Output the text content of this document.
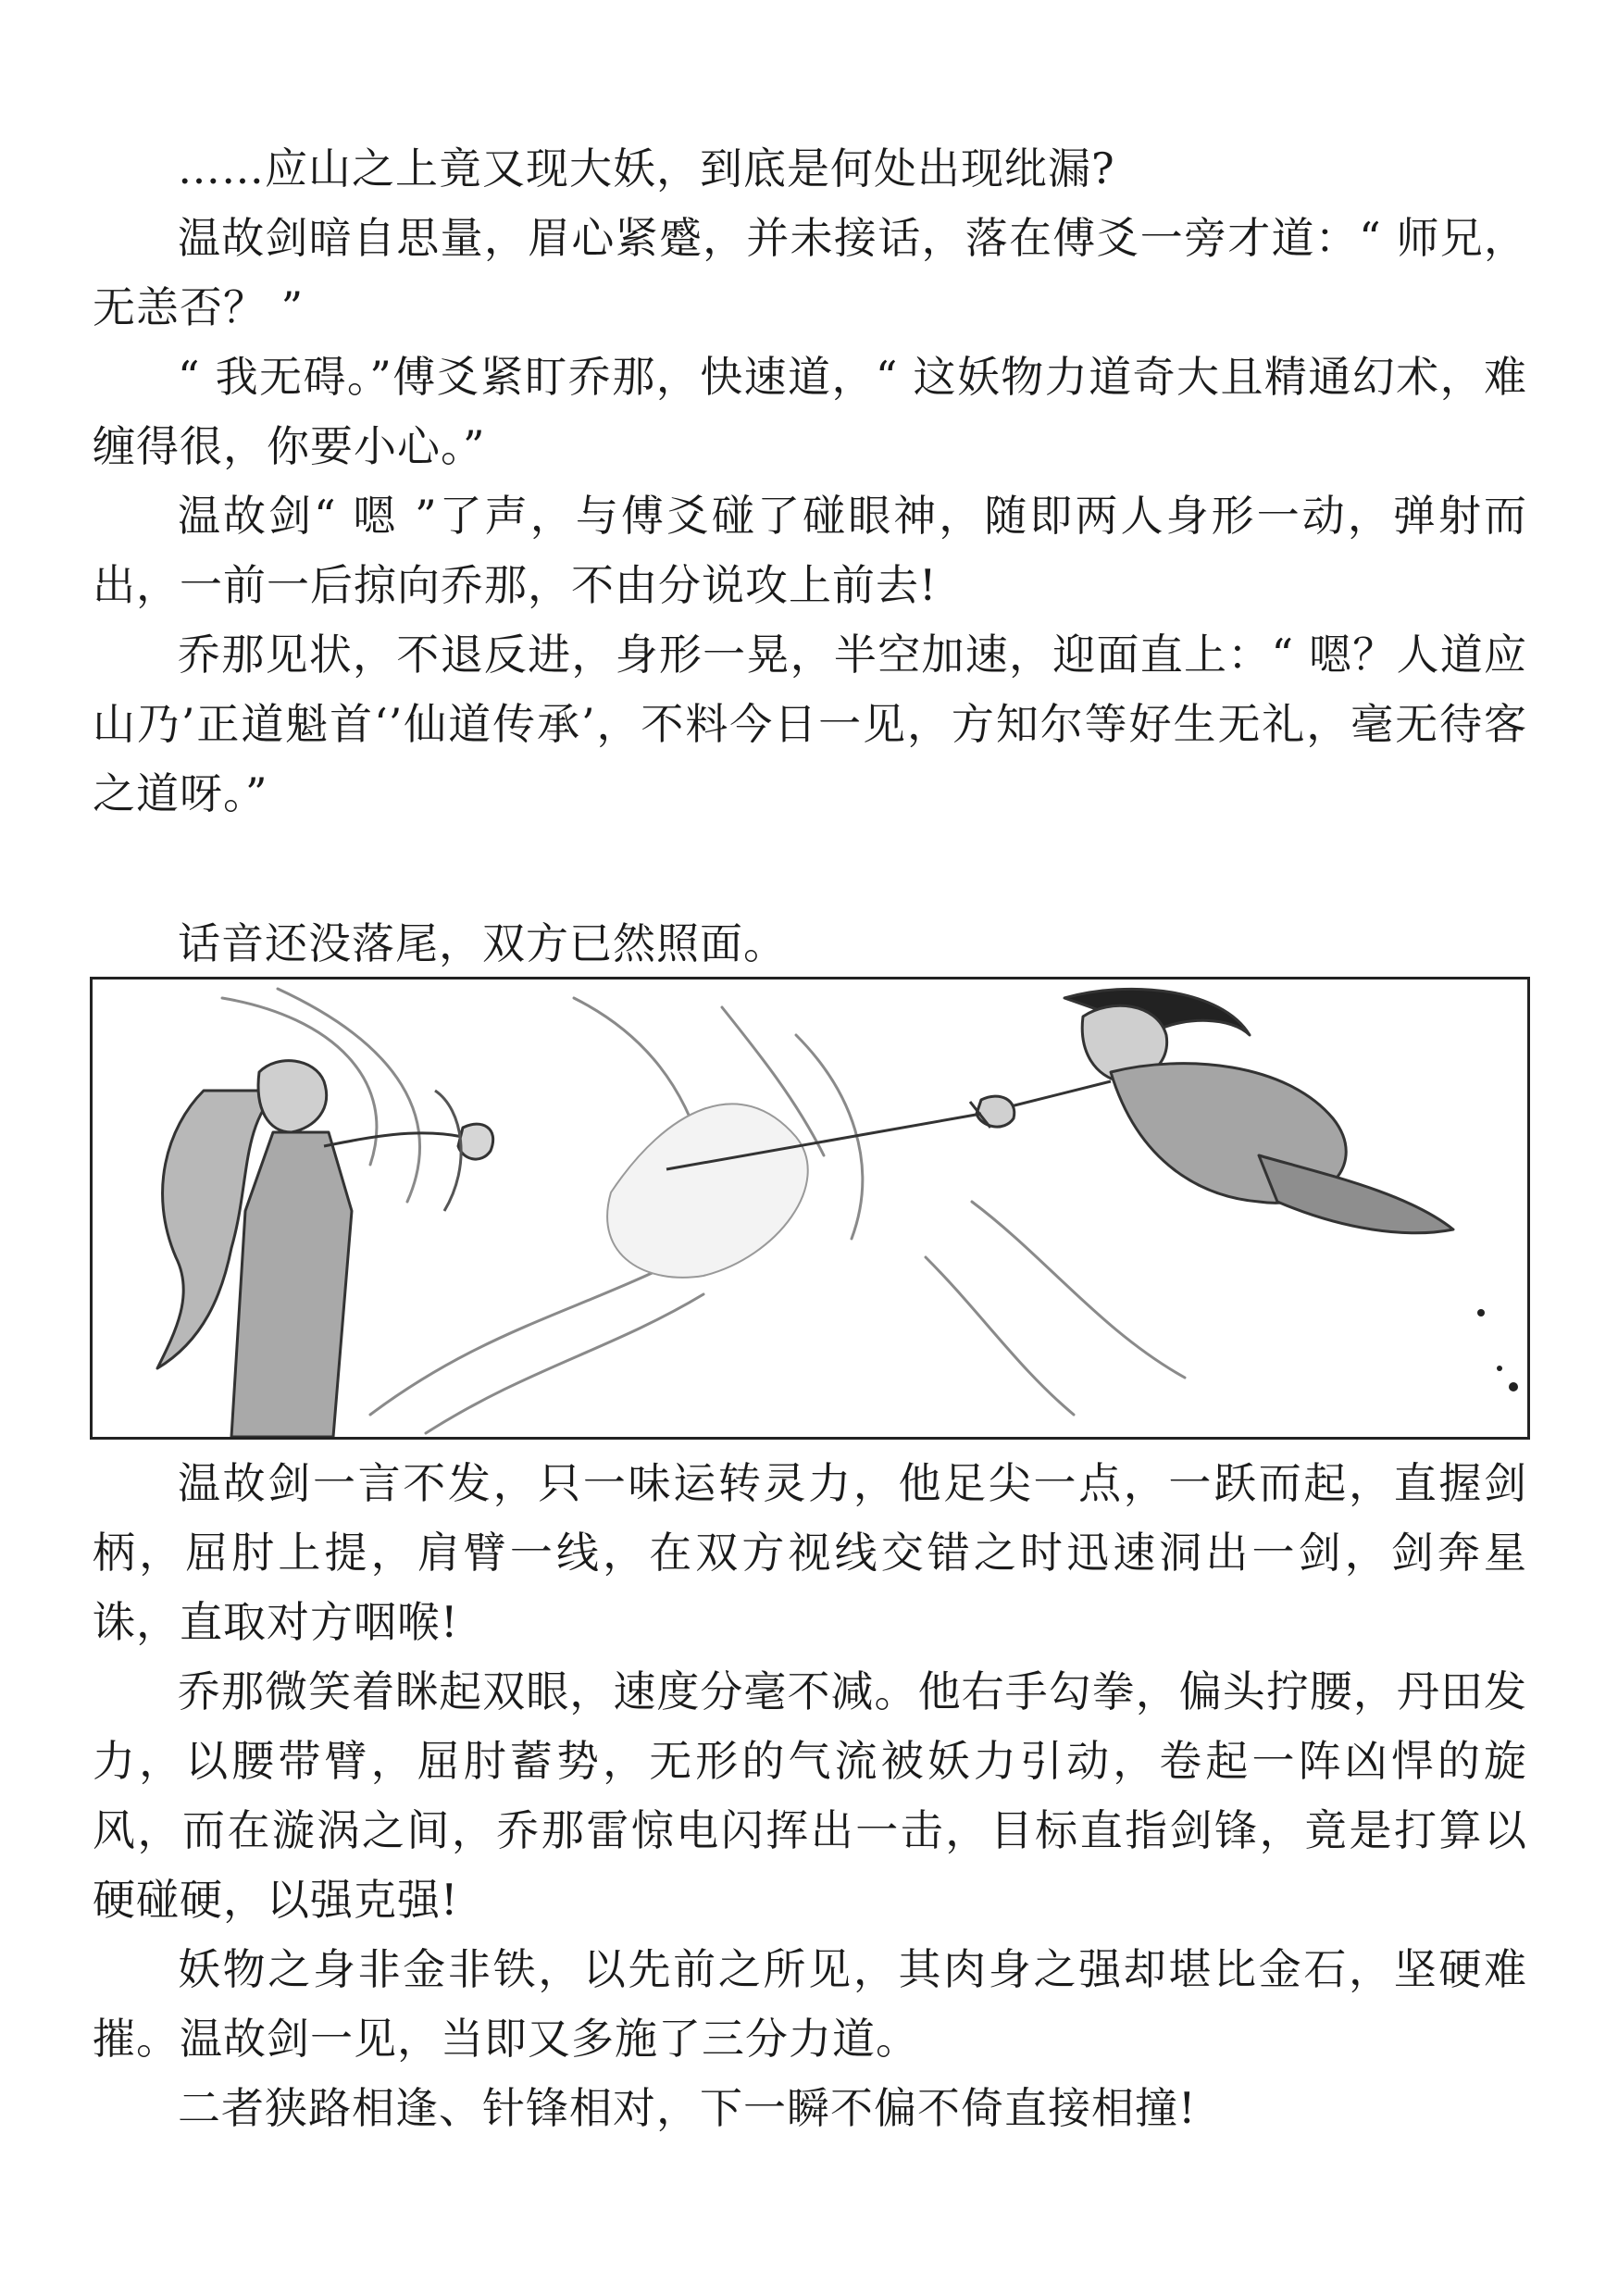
……应山之上竟又现大妖，到底是何处出现纰漏?

温故剑暗自思量，眉心紧蹙，并未接话，落在傅爻一旁才道：“ 师兄，无恙否？ ”

“ 我无碍。”傅爻紧盯乔那，快速道，“ 这妖物力道奇大且精通幻术，难缠得很，你要小心。”

温故剑“ 嗯 ”了声，与傅爻碰了碰眼神，随即两人身形一动，弹射而出，一前一后掠向乔那，不由分说攻上前去!

乔那见状，不退反进，身形一晃，半空加速，迎面直上：“ 嗯？人道应山乃’正道魁首‘’仙道传承’，不料今日一见，方知尔等好生无礼，毫无待客之道呀。”

话音还没落尾，双方已然照面。

温故剑一言不发，只一味运转灵力，他足尖一点，一跃而起，直握剑柄，屈肘上提，肩臂一线，在双方视线交错之时迅速洞出一剑，剑奔星诛，直取对方咽喉!

乔那微笑着眯起双眼，速度分毫不减。他右手勾拳，偏头拧腰，丹田发力，以腰带臂，屈肘蓄势，无形的气流被妖力引动，卷起一阵凶悍的旋风，而在漩涡之间，乔那雷惊电闪挥出一击，目标直指剑锋，竟是打算以硬碰硬，以强克强!

妖物之身非金非铁，以先前之所见，其肉身之强却堪比金石，坚硬难摧。温故剑一见，当即又多施了三分力道。

二者狭路相逢、针锋相对，下一瞬不偏不倚直接相撞!
